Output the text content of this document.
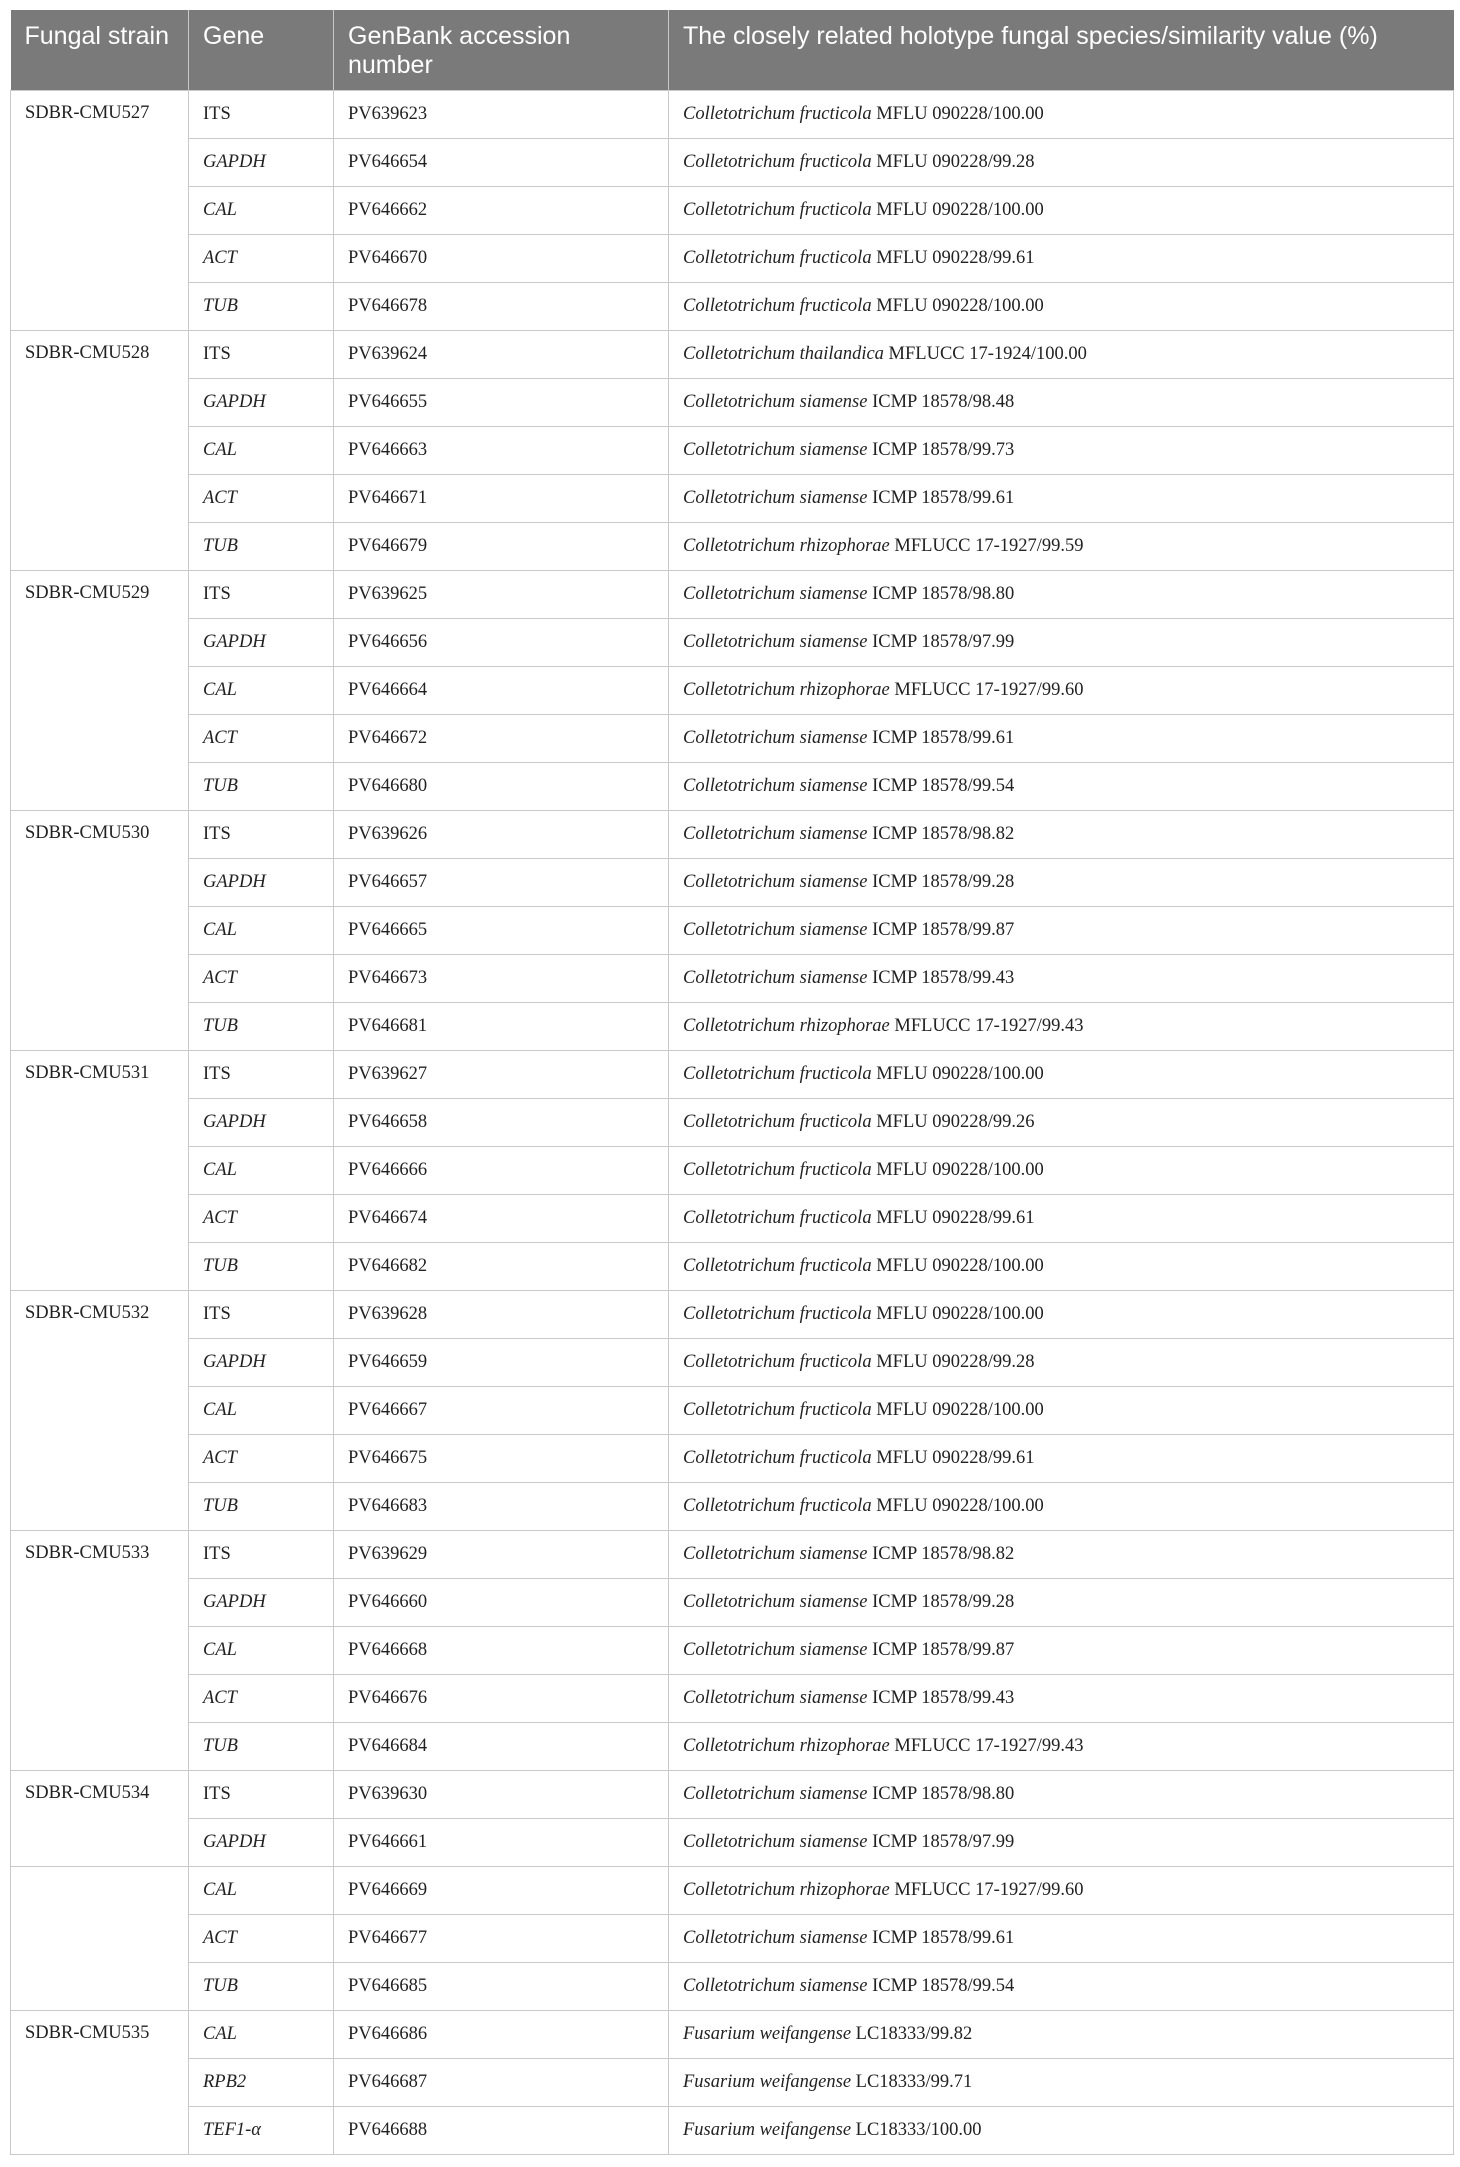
Fungal strain	Gene	GenBank accession number	The closely related holotype fungal species/similarity value (%)
SDBR-CMU527	ITS	PV639623	Colletotrichum fructicola MFLU 090228/100.00
	GAPDH	PV646654	Colletotrichum fructicola MFLU 090228/99.28
	CAL	PV646662	Colletotrichum fructicola MFLU 090228/100.00
	ACT	PV646670	Colletotrichum fructicola MFLU 090228/99.61
	TUB	PV646678	Colletotrichum fructicola MFLU 090228/100.00
SDBR-CMU528	ITS	PV639624	Colletotrichum thailandica MFLUCC 17-1924/100.00
	GAPDH	PV646655	Colletotrichum siamense ICMP 18578/98.48
	CAL	PV646663	Colletotrichum siamense ICMP 18578/99.73
	ACT	PV646671	Colletotrichum siamense ICMP 18578/99.61
	TUB	PV646679	Colletotrichum rhizophorae MFLUCC 17-1927/99.59
SDBR-CMU529	ITS	PV639625	Colletotrichum siamense ICMP 18578/98.80
	GAPDH	PV646656	Colletotrichum siamense ICMP 18578/97.99
	CAL	PV646664	Colletotrichum rhizophorae MFLUCC 17-1927/99.60
	ACT	PV646672	Colletotrichum siamense ICMP 18578/99.61
	TUB	PV646680	Colletotrichum siamense ICMP 18578/99.54
SDBR-CMU530	ITS	PV639626	Colletotrichum siamense ICMP 18578/98.82
	GAPDH	PV646657	Colletotrichum siamense ICMP 18578/99.28
	CAL	PV646665	Colletotrichum siamense ICMP 18578/99.87
	ACT	PV646673	Colletotrichum siamense ICMP 18578/99.43
	TUB	PV646681	Colletotrichum rhizophorae MFLUCC 17-1927/99.43
SDBR-CMU531	ITS	PV639627	Colletotrichum fructicola MFLU 090228/100.00
	GAPDH	PV646658	Colletotrichum fructicola MFLU 090228/99.26
	CAL	PV646666	Colletotrichum fructicola MFLU 090228/100.00
	ACT	PV646674	Colletotrichum fructicola MFLU 090228/99.61
	TUB	PV646682	Colletotrichum fructicola MFLU 090228/100.00
SDBR-CMU532	ITS	PV639628	Colletotrichum fructicola MFLU 090228/100.00
	GAPDH	PV646659	Colletotrichum fructicola MFLU 090228/99.28
	CAL	PV646667	Colletotrichum fructicola MFLU 090228/100.00
	ACT	PV646675	Colletotrichum fructicola MFLU 090228/99.61
	TUB	PV646683	Colletotrichum fructicola MFLU 090228/100.00
SDBR-CMU533	ITS	PV639629	Colletotrichum siamense ICMP 18578/98.82
	GAPDH	PV646660	Colletotrichum siamense ICMP 18578/99.28
	CAL	PV646668	Colletotrichum siamense ICMP 18578/99.87
	ACT	PV646676	Colletotrichum siamense ICMP 18578/99.43
	TUB	PV646684	Colletotrichum rhizophorae MFLUCC 17-1927/99.43
SDBR-CMU534	ITS	PV639630	Colletotrichum siamense ICMP 18578/98.80
	GAPDH	PV646661	Colletotrichum siamense ICMP 18578/97.99
	CAL	PV646669	Colletotrichum rhizophorae MFLUCC 17-1927/99.60
	ACT	PV646677	Colletotrichum siamense ICMP 18578/99.61
	TUB	PV646685	Colletotrichum siamense ICMP 18578/99.54
SDBR-CMU535	CAL	PV646686	Fusarium weifangense LC18333/99.82
	RPB2	PV646687	Fusarium weifangense LC18333/99.71
	TEF1-α	PV646688	Fusarium weifangense LC18333/100.00
